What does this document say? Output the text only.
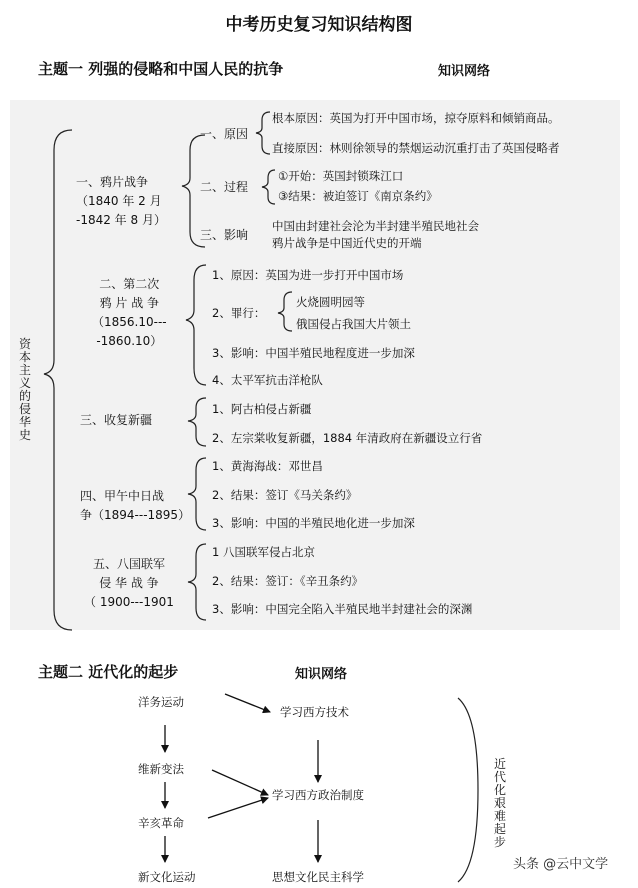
中考历史复习知识结构图
主题一 列强的侵略和中国人民的抗争	知识网络
资本主义的侵华史
一、鸦片战争
（1840 年 2 月
-1842 年 8 月）
一、原因
根本原因：英国为打开中国市场，掠夺原料和倾销商品。
直接原因：林则徐领导的禁烟运动沉重打击了英国侵略者
二、过程
①开始：英国封锁珠江口
③结果：被迫签订《南京条约》
三、影响
中国由封建社会沦为半封建半殖民地社会
鸦片战争是中国近代史的开端
二、第二次
鸦 片 战 争
（1856.10---
-1860.10）
1、原因：英国为进一步打开中国市场
2、罪行：
火烧圆明园等
俄国侵占我国大片领土
3、影响：中国半殖民地程度进一步加深
4、太平军抗击洋枪队
三、收复新疆
1、阿古柏侵占新疆
2、左宗棠收复新疆，1884 年清政府在新疆设立行省
四、甲午中日战
争（1894---1895）
1、黄海海战：邓世昌
2、结果：签订《马关条约》
3、影响：中国的半殖民地化进一步加深
五、八国联军
侵 华 战 争
（ 1900---1901
1 八国联军侵占北京
2、结果：签订：《辛丑条约》
3、影响：中国完全陷入半殖民地半封建社会的深渊
主题二 近代化的起步	知识网络
洋务运动
维新变法
辛亥革命
新文化运动
学习西方技术
学习西方政治制度
思想文化民主科学
近代化艰难起步
头条 @云中文学
